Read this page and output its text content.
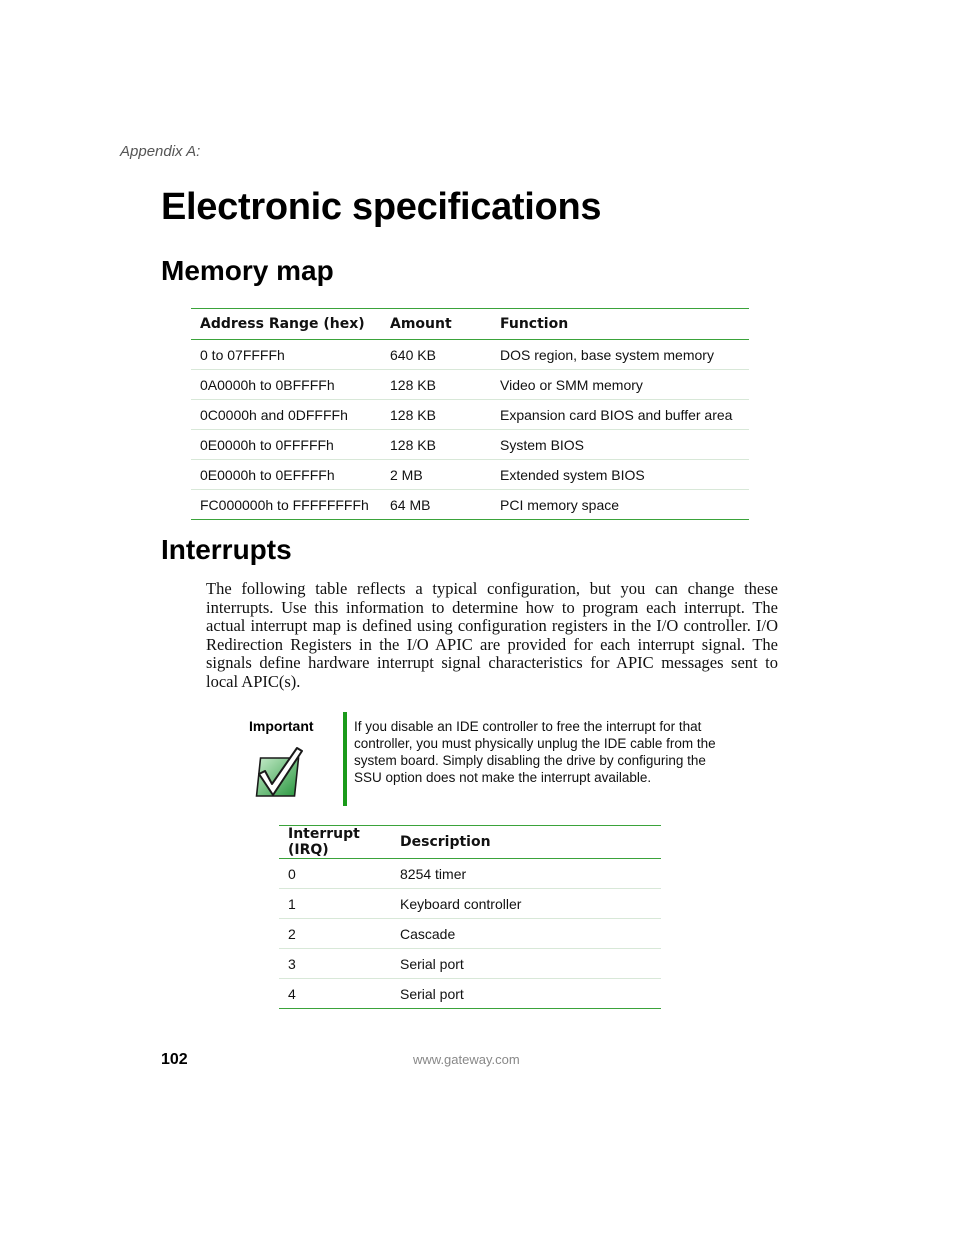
Appendix A:
Electronic specifications
Memory map
Address Range (hex)	Amount	Function
0 to 07FFFFh	640 KB	DOS region, base system memory
0A0000h to 0BFFFFh	128 KB	Video or SMM memory
0C0000h and 0DFFFFh	128 KB	Expansion card BIOS and buffer area
0E0000h to 0FFFFFh	128 KB	System BIOS
0E0000h to 0EFFFFh	2 MB	Extended system BIOS
FC000000h to FFFFFFFFh	64 MB	PCI memory space
Interrupts

The following table reflects a typical configuration, but you can change these interrupts. Use this information to determine how to program each interrupt. The actual interrupt map is defined using configuration registers in the I/O controller. I/O Redirection Registers in the I/O APIC are provided for each interrupt signal. The signals define hardware interrupt signal characteristics for APIC messages sent to local APIC(s).

Important	If you disable an IDE controller to free the interrupt for that controller, you must physically unplug the IDE cable from the system board. Simply disabling the drive by configuring the SSU option does not make the interrupt available.

Interrupt (IRQ)	Description
0	8254 timer
1	Keyboard controller
2	Cascade
3	Serial port
4	Serial port
102	www.gateway.com
